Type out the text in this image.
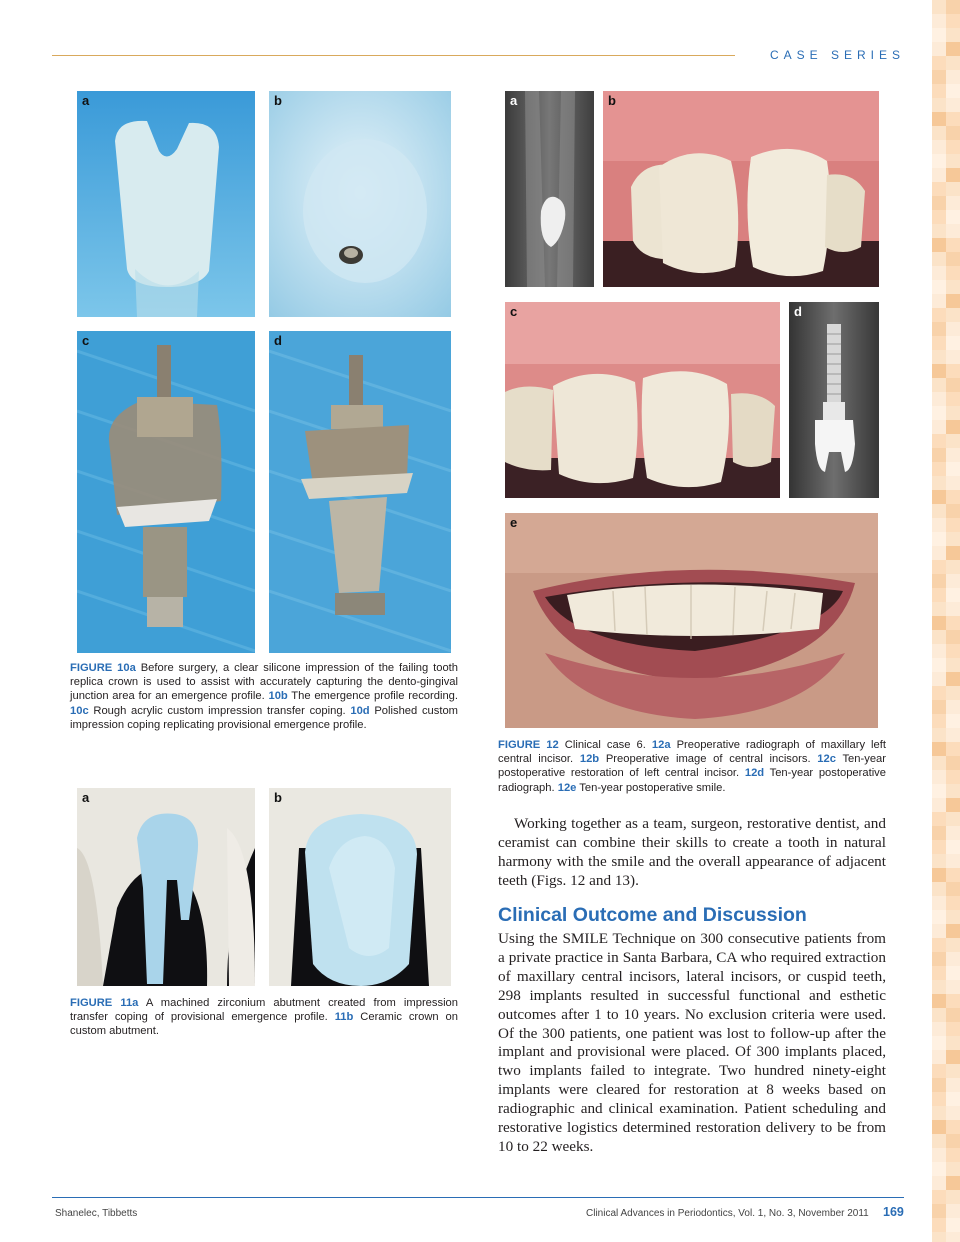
CASE SERIES
a	b
c	d
FIGURE 10a Before surgery, a clear silicone impression of the failing tooth replica crown is used to assist with accurately capturing the dento-gingival junction area for an emergence profile. 10b The emergence profile recording. 10c Rough acrylic custom impression transfer coping. 10d Polished custom impression coping replicating provisional emergence profile.
a	b
FIGURE 11a A machined zirconium abutment created from impression transfer coping of provisional emergence profile. 11b Ceramic crown on custom abutment.
a	b
c	d
e
FIGURE 12 Clinical case 6. 12a Preoperative radiograph of maxillary left central incisor. 12b Preoperative image of central incisors. 12c Ten-year postoperative restoration of left central incisor. 12d Ten-year postoperative radiograph. 12e Ten-year postoperative smile.

Working together as a team, surgeon, restorative dentist, and ceramist can combine their skills to create a tooth in natural harmony with the smile and the overall appearance of adjacent teeth (Figs. 12 and 13).

Clinical Outcome and Discussion

Using the SMILE Technique on 300 consecutive patients from a private practice in Santa Barbara, CA who required extraction of maxillary central incisors, lateral incisors, or cuspid teeth, 298 implants resulted in successful functional and esthetic outcomes after 1 to 10 years. No exclusion criteria were used. Of the 300 patients, one patient was lost to follow-up after the implant and provisional were placed. Of 300 implants placed, two implants failed to integrate. Two hundred ninety-eight implants were cleared for restoration at 8 weeks based on radiographic and clinical examination. Patient scheduling and restorative logistics determined restoration delivery to be from 10 to 22 weeks.

Shanelec, Tibbetts	Clinical Advances in Periodontics, Vol. 1, No. 3, November 2011 169
